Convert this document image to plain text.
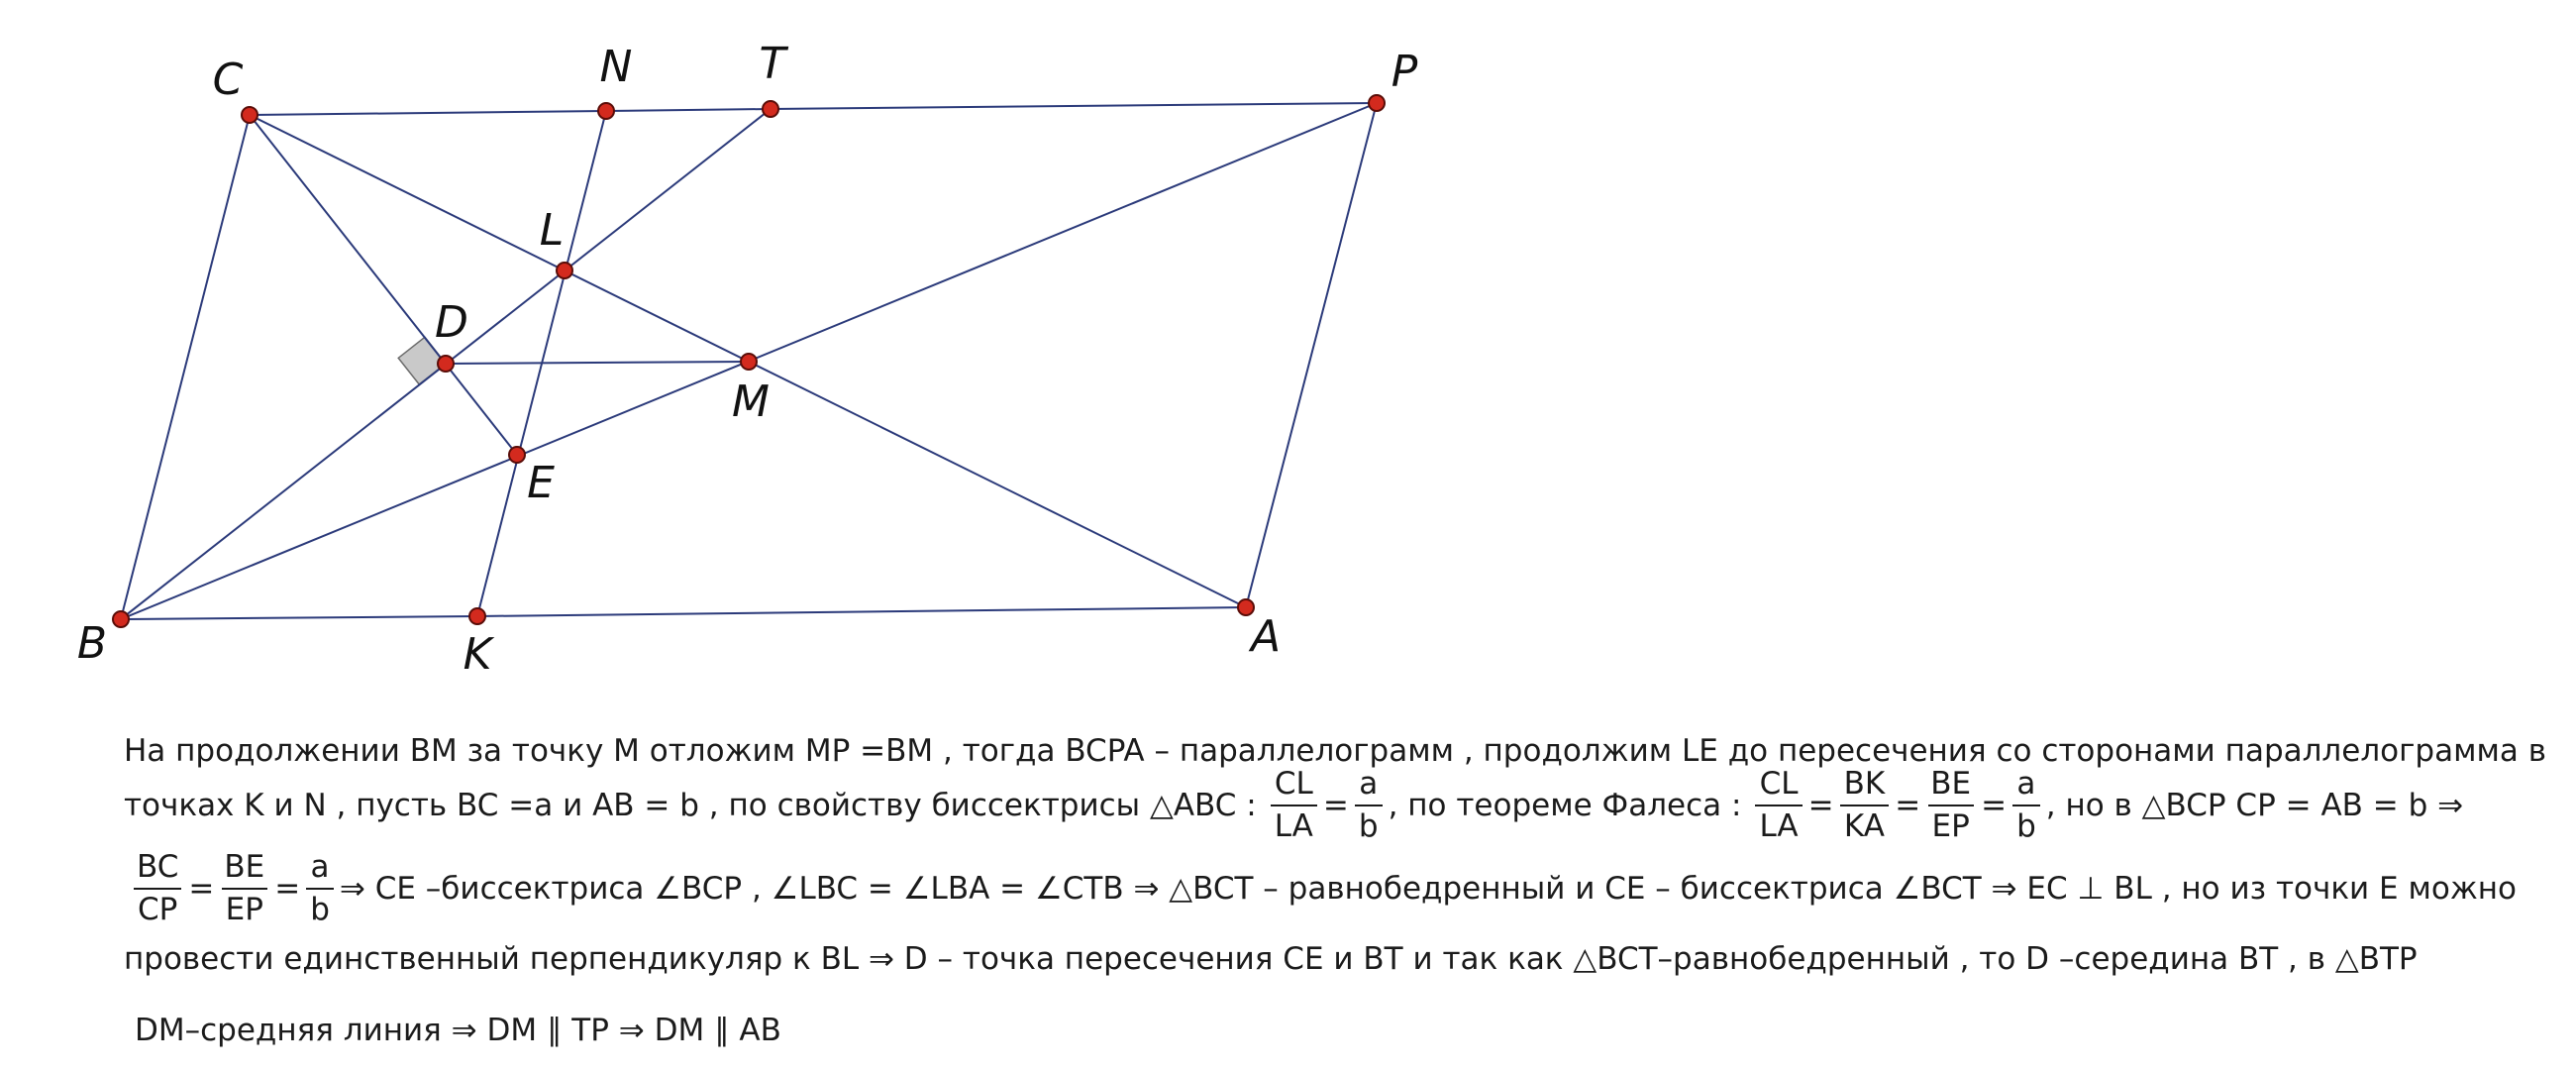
C	N	T	P
L
D
M
E
B	K	A
На продолжении BM за точку M отложим MP =BM , тогда BCPA – параллелограмм , продолжим LE до пересечения со сторонами параллелограмма в
точках K и N , пусть BC =a и AB = b , по свойству биссектрисы △ABC : $\frac{CL}{LA} = \frac{a}{b}$ , по теореме Фалеса : $\frac{CL}{LA} = \frac{BK}{KA} = \frac{BE}{EP} = \frac{a}{b}$ , но в △BCP CP = AB = b ⇒
$\frac{BC}{CP} = \frac{BE}{EP} = \frac{a}{b}$ ⇒ CE –биссектриса ∠BCP , ∠LBC = ∠LBA = ∠CTB ⇒ △BCT – равнобедренный и CE – биссектриса ∠BCT ⇒ EC ⊥ BL , но из точки E можно
провести единственный перпендикуляр к BL ⇒ D – точка пересечения CE и BT и так как △BCT–равнобедренный , то D –середина BT , в △BTP
DM–средняя линия ⇒ DM ∥ TP ⇒ DM ∥ AB
